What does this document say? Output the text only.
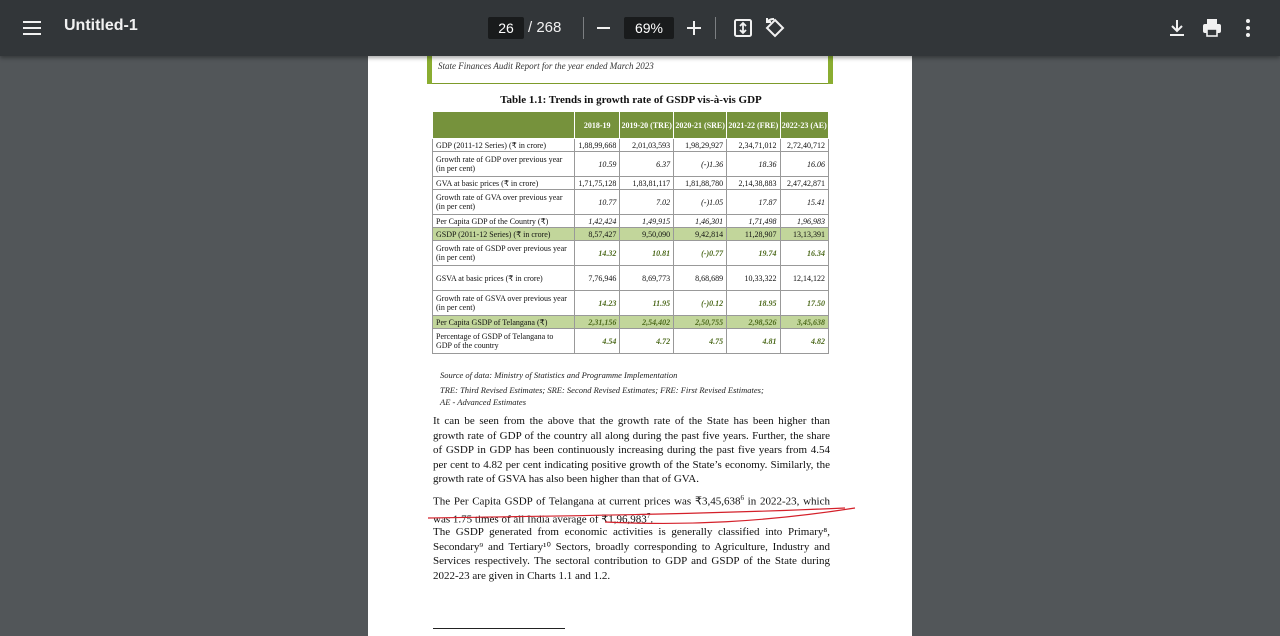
Untitled-1	26 / 268	69%
State Finances Audit Report for the year ended March 2023
Table 1.1: Trends in growth rate of GSDP vis-à-vis GDP
	2018-19	2019-20 (TRE)	2020-21 (SRE)	2021-22 (FRE)	2022-23 (AE)
GDP (2011-12 Series) (₹ in crore)	1,88,99,668	2,01,03,593	1,98,29,927	2,34,71,012	2,72,40,712
Growth rate of GDP over previous year (in per cent)	10.59	6.37	(-)1.36	18.36	16.06
GVA at basic prices (₹ in crore)	1,71,75,128	1,83,81,117	1,81,88,780	2,14,38,883	2,47,42,871
Growth rate of GVA over previous year (in per cent)	10.77	7.02	(-)1.05	17.87	15.41
Per Capita GDP of the Country (₹)	1,42,424	1,49,915	1,46,301	1,71,498	1,96,983
GSDP (2011-12 Series) (₹ in crore)	8,57,427	9,50,090	9,42,814	11,28,907	13,13,391
Growth rate of GSDP over previous year (in per cent)	14.32	10.81	(-)0.77	19.74	16.34
GSVA at basic prices (₹ in crore)	7,76,946	8,69,773	8,68,689	10,33,322	12,14,122
Growth rate of GSVA over previous year (in per cent)	14.23	11.95	(-)0.12	18.95	17.50
Per Capita GSDP of Telangana (₹)	2,31,156	2,54,402	2,50,755	2,98,526	3,45,638
Percentage of GSDP of Telangana to GDP of the country	4.54	4.72	4.75	4.81	4.82
Source of data: Ministry of Statistics and Programme Implementation
TRE: Third Revised Estimates; SRE: Second Revised Estimates; FRE: First Revised Estimates;
AE - Advanced Estimates
It can be seen from the above that the growth rate of the State has been higher than growth rate of GDP of the country all along during the past five years. Further, the share of GSDP in GDP has been continuously increasing during the past five years from 4.54 per cent to 4.82 per cent indicating positive growth of the State’s economy. Similarly, the growth rate of GSVA has also been higher than that of GVA.
The Per Capita GSDP of Telangana at current prices was ₹3,45,638$^6$ in 2022-23, which was 1.75 times of all India average of ₹1,96,983$^7$.
The GSDP generated from economic activities is generally classified into Primary⁸, Secondary⁹ and Tertiary¹⁰ Sectors, broadly corresponding to Agriculture, Industry and Services respectively. The sectoral contribution to GDP and GSDP of the State during 2022-23 are given in Charts 1.1 and 1.2.
